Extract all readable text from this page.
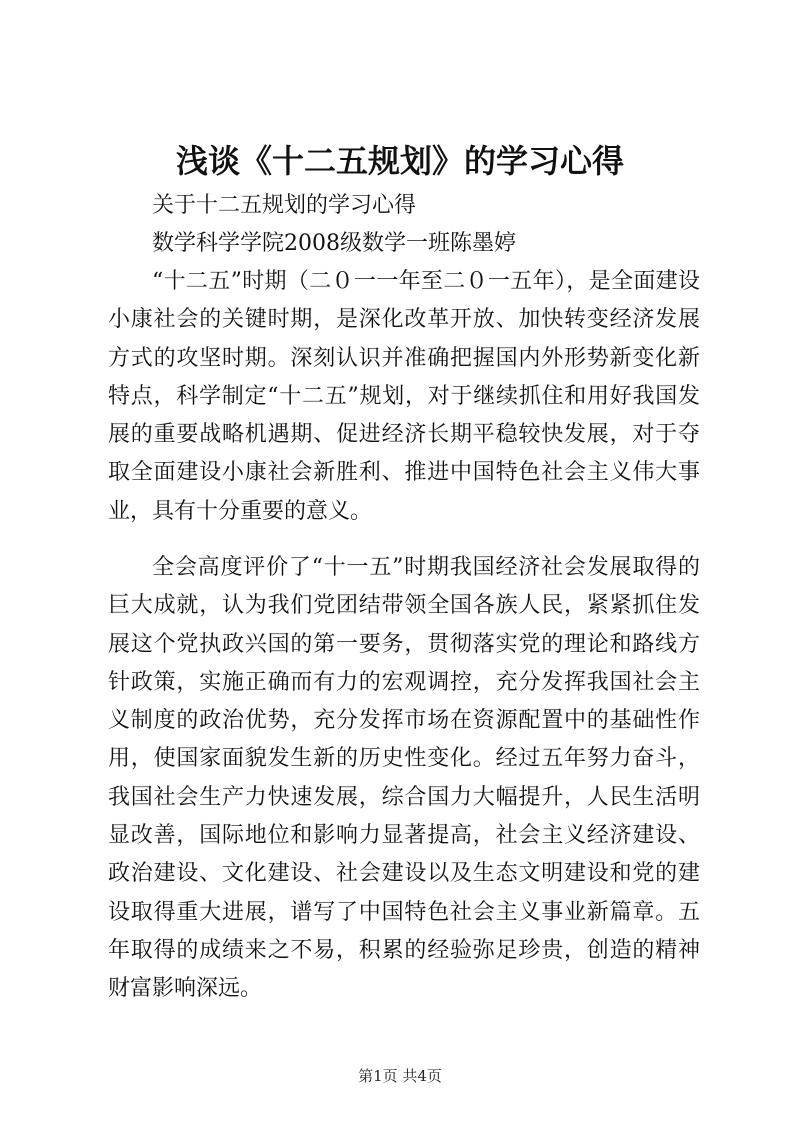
浅谈《十二五规划》的学习心得

关于十二五规划的学习心得

数学科学学院2008级数学一班陈墨婷

“十二五”时期（二０一一年至二０一五年），是全面建设小康社会的关键时期，是深化改革开放、加快转变经济发展方式的攻坚时期。深刻认识并准确把握国内外形势新变化新特点，科学制定“十二五”规划，对于继续抓住和用好我国发展的重要战略机遇期、促进经济长期平稳较快发展，对于夺取全面建设小康社会新胜利、推进中国特色社会主义伟大事业，具有十分重要的意义。

全会高度评价了“十一五”时期我国经济社会发展取得的巨大成就，认为我们党团结带领全国各族人民，紧紧抓住发展这个党执政兴国的第一要务，贯彻落实党的理论和路线方针政策，实施正确而有力的宏观调控，充分发挥我国社会主义制度的政治优势，充分发挥市场在资源配置中的基础性作用，使国家面貌发生新的历史性变化。经过五年努力奋斗，我国社会生产力快速发展，综合国力大幅提升，人民生活明显改善，国际地位和影响力显著提高，社会主义经济建设、政治建设、文化建设、社会建设以及生态文明建设和党的建设取得重大进展，谱写了中国特色社会主义事业新篇章。五年取得的成绩来之不易，积累的经验弥足珍贵，创造的精神财富影响深远。

第1页 共4页
